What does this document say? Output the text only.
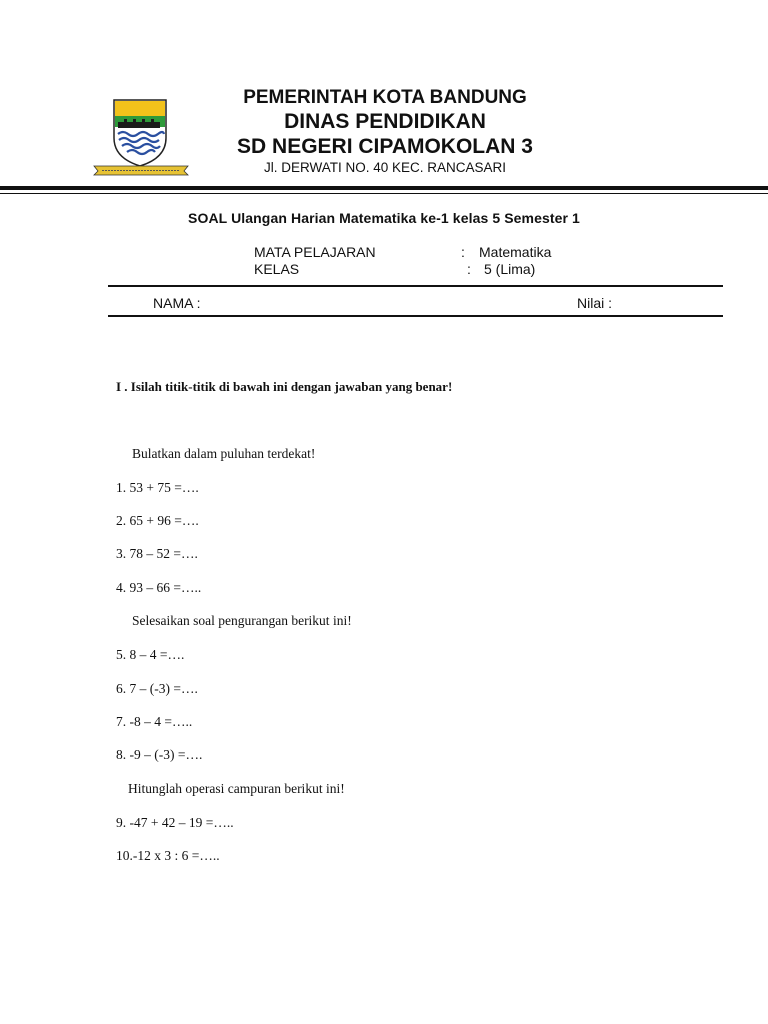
PEMERINTAH KOTA BANDUNG
DINAS PENDIDIKAN
SD NEGERI CIPAMOKOLAN 3
Jl. DERWATI NO. 40 KEC. RANCASARI
SOAL Ulangan Harian Matematika ke-1 kelas 5 Semester 1
MATA PELAJARAN	: Matematika
KELAS	: 5 (Lima)
NAMA :	Nilai :
I . Isilah titik-titik di bawah ini dengan jawaban yang benar!
Bulatkan dalam puluhan terdekat!
1. 53 + 75 =….
2. 65 + 96 =….
3. 78 – 52 =….
4. 93 – 66 =…..
Selesaikan soal pengurangan berikut ini!
5. 8 – 4 =….
6. 7 – (-3) =….
7. -8 – 4 =…..
8. -9 – (-3) =….
Hitunglah operasi campuran berikut ini!
9. -47 + 42 – 19 =…..
10.-12 x 3 : 6 =…..
